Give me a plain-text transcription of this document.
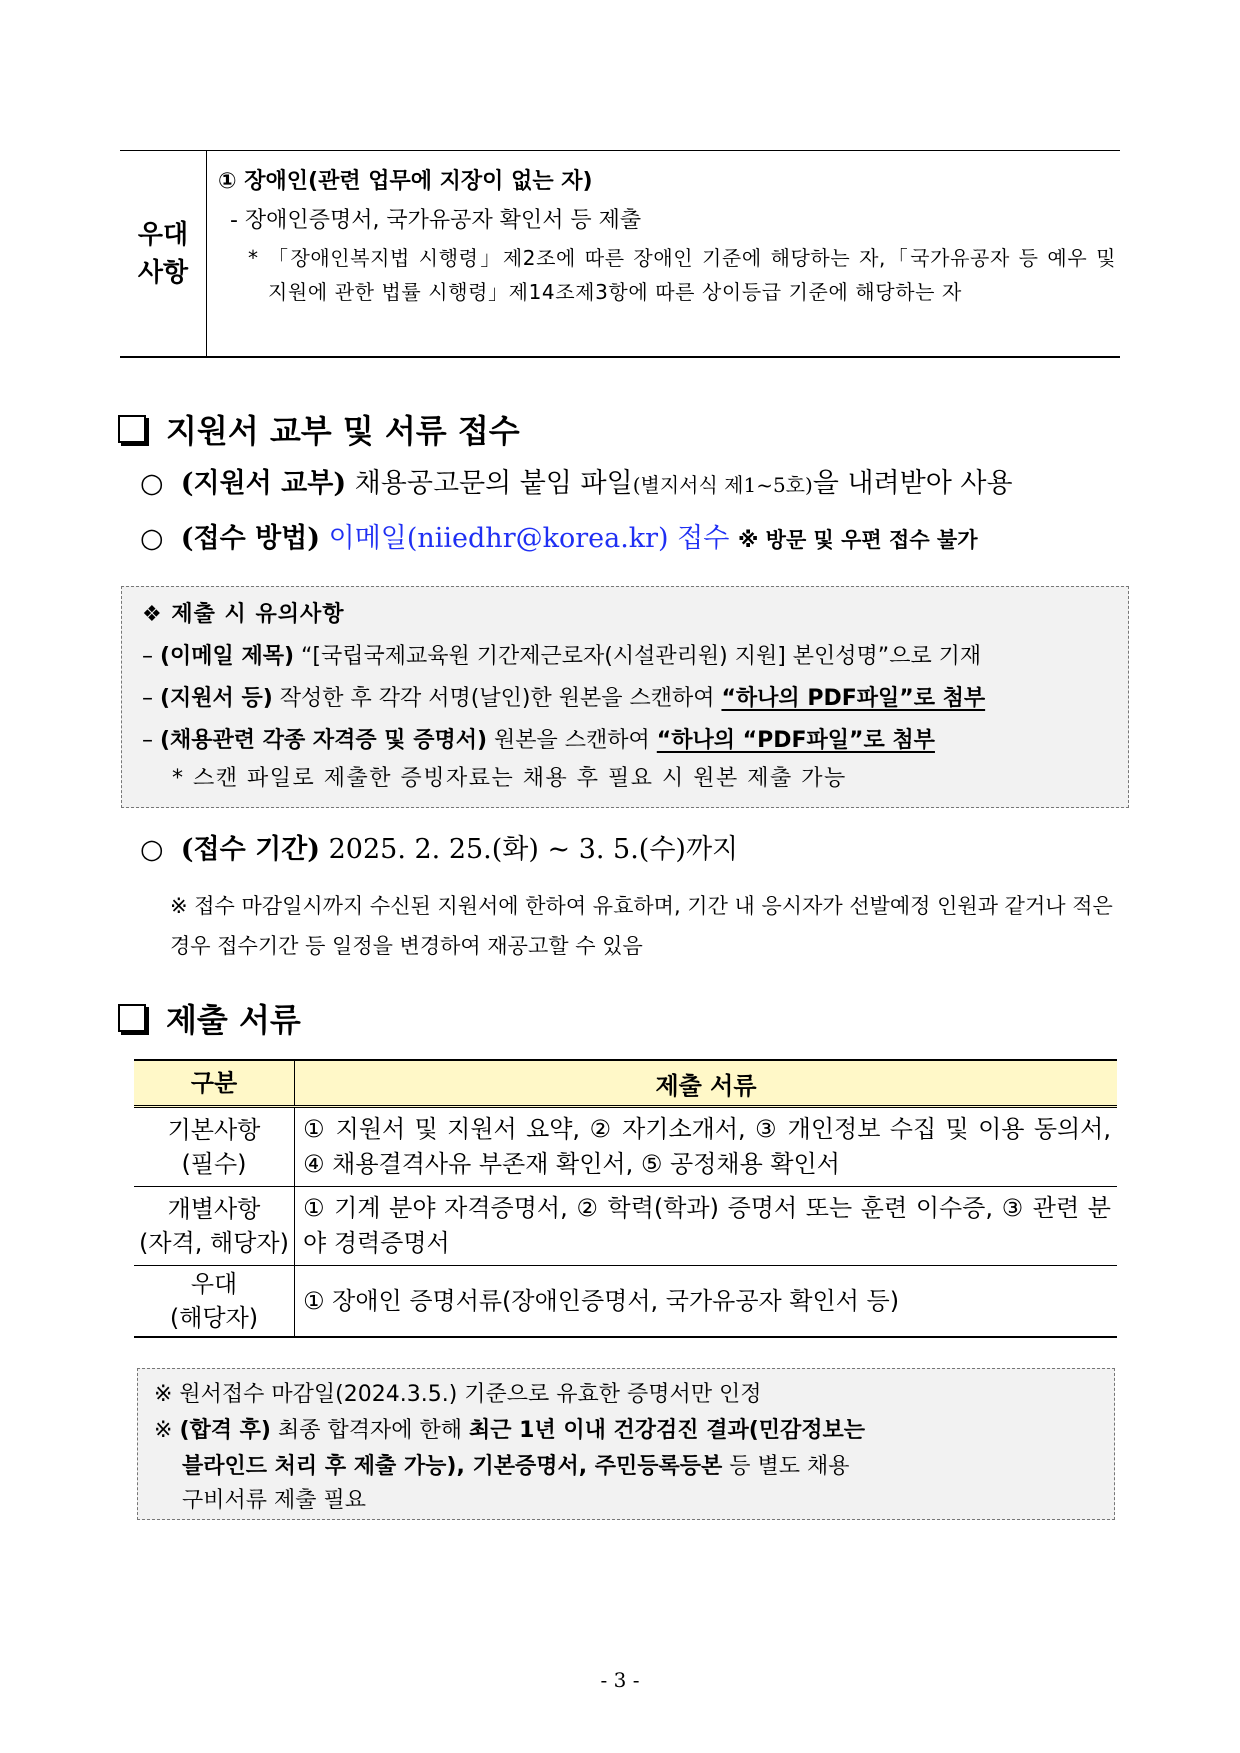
우대
사항
① 장애인(관련 업무에 지장이 없는 자)
- 장애인증명서, 국가유공자 확인서 등 제출
* 「장애인복지법 시행령」제2조에 따른 장애인 기준에 해당하는 자,「국가유공자 등 예우 및 지원에 관한 법률 시행령」제14조제3항에 따른 상이등급 기준에 해당하는 자
지원서 교부 및 서류 접수
○ (지원서 교부) 채용공고문의 붙임 파일(별지서식 제1~5호)을 내려받아 사용
○ (접수 방법) 이메일(niiedhr@korea.kr) 접수 ※ 방문 및 우편 접수 불가
❖ 제출 시 유의사항
– (이메일 제목) “[국립국제교육원 기간제근로자(시설관리원) 지원] 본인성명”으로 기재
– (지원서 등) 작성한 후 각각 서명(날인)한 원본을 스캔하여 “하나의 PDF파일”로 첨부
– (채용관련 각종 자격증 및 증명서) 원본을 스캔하여 “하나의 “PDF파일”로 첨부
* 스캔 파일로 제출한 증빙자료는 채용 후 필요 시 원본 제출 가능
○ (접수 기간) 2025. 2. 25.(화) ~ 3. 5.(수)까지
※ 접수 마감일시까지 수신된 지원서에 한하여 유효하며, 기간 내 응시자가 선발예정 인원과 같거나 적은 경우 접수기간 등 일정을 변경하여 재공고할 수 있음
제출 서류
구분	제출 서류
기본사항
(필수)	① 지원서 및 지원서 요약, ② 자기소개서, ③ 개인정보 수집 및 이용 동의서, ④ 채용결격사유 부존재 확인서, ⑤ 공정채용 확인서
개별사항
(자격, 해당자)	① 기계 분야 자격증명서, ② 학력(학과) 증명서 또는 훈련 이수증, ③ 관련 분야 경력증명서
우대
(해당자)	① 장애인 증명서류(장애인증명서, 국가유공자 확인서 등)
※ 원서접수 마감일(2024.3.5.) 기준으로 유효한 증명서만 인정
※ (합격 후) 최종 합격자에 한해 최근 1년 이내 건강검진 결과(민감정보는
블라인드 처리 후 제출 가능), 기본증명서, 주민등록등본 등 별도 채용
구비서류 제출 필요
- 3 -
